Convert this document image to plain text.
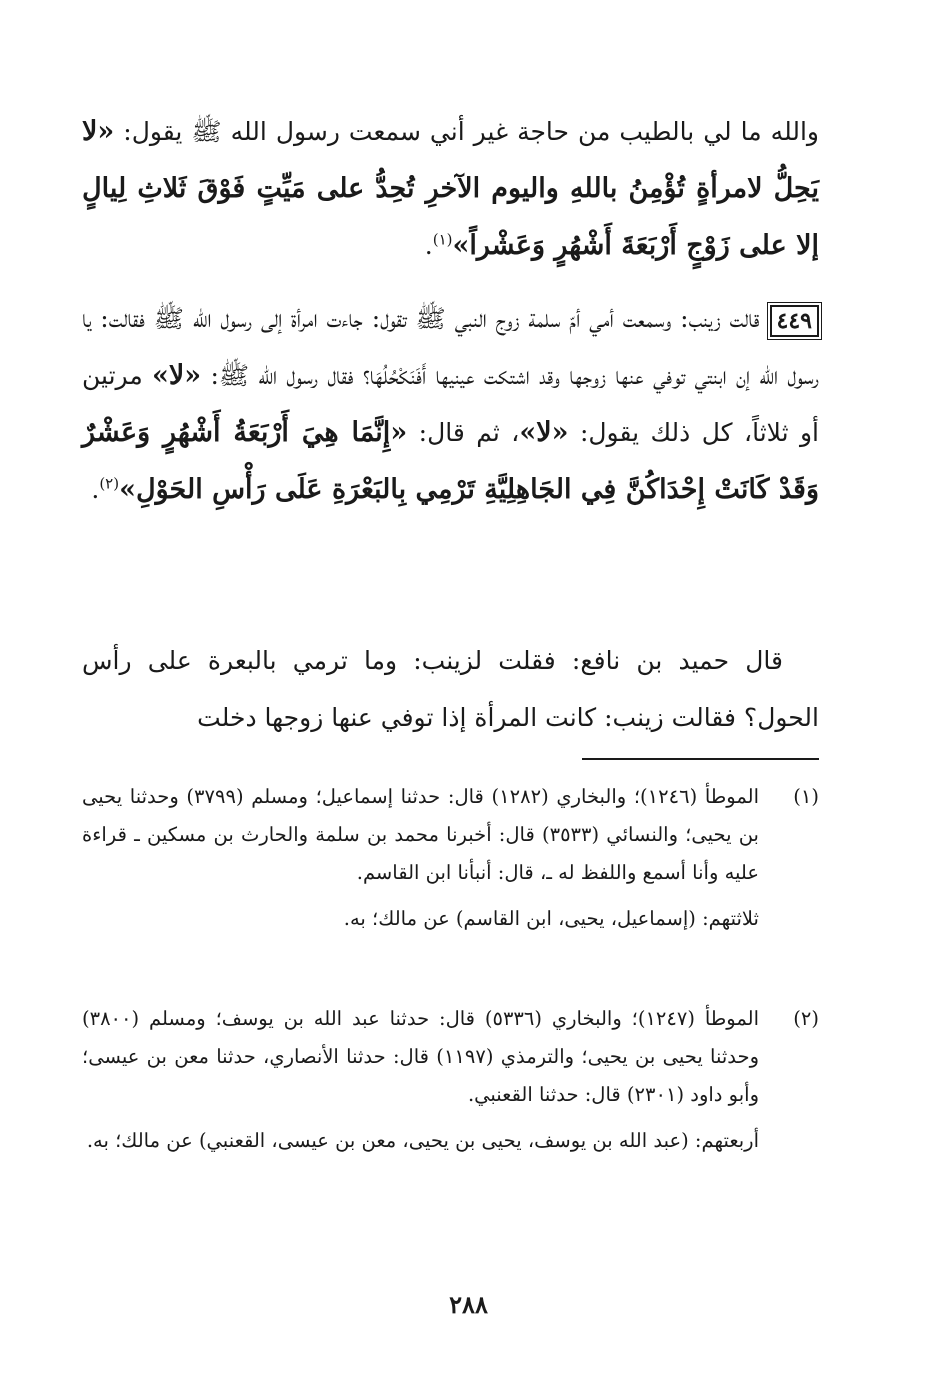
والله ما لي بالطيب من حاجة غير أني سمعت رسول الله ﷺ يقول: «لا يَحِلُّ لامرأةٍ تُؤْمِنُ باللهِ واليوم الآخرِ تُحِدُّ على مَيِّتٍ فَوْقَ ثَلاثِ لِيالٍ إلا على زَوْجٍ أَرْبَعَةَ أَشْهُرٍ وَعَشْراً»$^{(١)}$.

٤٤٩قالت زينب: وسمعت أمي أمّ سلمة زوج النبي ﷺ تقول: جاءت امرأة إلى رسول الله ﷺ فقالت: يا رسول الله إن ابنتي توفي عنها زوجها وقد اشتكت عينيها أَفَنَكْحُلُهَا؟ فقال رسول الله ﷺ: «لا» مرتين أو ثلاثاً، كل ذلك يقول: «لا»، ثم قال: «إِنَّمَا هِيَ أَرْبَعَةُ أَشْهُرٍ وَعَشْرٌ وَقَدْ كَانَتْ إِحْدَاكُنَّ فِي الجَاهِلِيَّةِ تَرْمِي بِالبَعْرَةِ عَلَى رَأْسِ الحَوْلِ»$^{(٢)}$.

قال حميد بن نافع: فقلت لزينب: وما ترمي بالبعرة على رأس الحول؟ فقالت زينب: كانت المرأة إذا توفي عنها زوجها دخلت

(١)
الموطأ (١٢٤٦)؛ والبخاري (١٢٨٢) قال: حدثنا إسماعيل؛ ومسلم (٣٧٩٩) وحدثنا يحيى بن يحيى؛ والنسائي (٣٥٣٣) قال: أخبرنا محمد بن سلمة والحارث بن مسكين ـ قراءة عليه وأنا أسمع واللفظ له ـ، قال: أنبأنا ابن القاسم.
ثلاثتهم: (إسماعيل، يحيى، ابن القاسم) عن مالك؛ به.
(٢)
الموطأ (١٢٤٧)؛ والبخاري (٥٣٣٦) قال: حدثنا عبد الله بن يوسف؛ ومسلم (٣٨٠٠) وحدثنا يحيى بن يحيى؛ والترمذي (١١٩٧) قال: حدثنا الأنصاري، حدثنا معن بن عيسى؛ وأبو داود (٢٣٠١) قال: حدثنا القعنبي.
أربعتهم: (عبد الله بن يوسف، يحيى بن يحيى، معن بن عيسى، القعنبي) عن مالك؛ به.
٢٨٨
